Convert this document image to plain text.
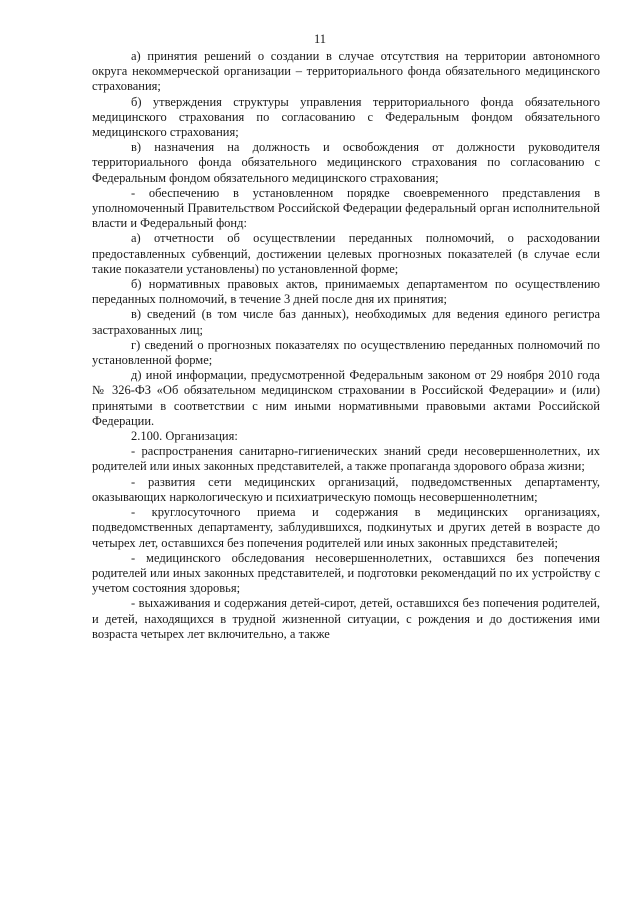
11

а) принятия решений о создании в случае отсутствия на территории автономного округа некоммерческой организации – территориального фонда обязательного медицинского страхования;

б) утверждения структуры управления территориального фонда обязательного медицинского страхования по согласованию с Федеральным фондом обязательного медицинского страхования;

в) назначения на должность и освобождения от должности руководителя территориального фонда обязательного медицинского страхования по согласованию с Федеральным фондом обязательного медицинского страхования;

- обеспечению в установленном порядке своевременного представления в уполномоченный Правительством Российской Федерации федеральный орган исполнительной власти и Федеральный фонд:

а) отчетности об осуществлении переданных полномочий, о расходовании предоставленных субвенций, достижении целевых прогнозных показателей (в случае если такие показатели установлены) по установленной форме;

б) нормативных правовых актов, принимаемых департаментом по осуществлению переданных полномочий, в течение 3 дней после дня их принятия;

в) сведений (в том числе баз данных), необходимых для ведения единого регистра застрахованных лиц;

г) сведений о прогнозных показателях по осуществлению переданных полномочий по установленной форме;

д) иной информации, предусмотренной Федеральным законом от 29 ноября 2010 года № 326-ФЗ «Об обязательном медицинском страховании в Российской Федерации» и (или) принятыми в соответствии с ним иными нормативными правовыми актами Российской Федерации.

2.100. Организация:

- распространения санитарно-гигиенических знаний среди несовершеннолетних, их родителей или иных законных представителей, а также пропаганда здорового образа жизни;

- развития сети медицинских организаций, подведомственных департаменту, оказывающих наркологическую и психиатрическую помощь несовершеннолетним;

- круглосуточного приема и содержания в медицинских организациях, подведомственных департаменту, заблудившихся, подкинутых и других детей в возрасте до четырех лет, оставшихся без попечения родителей или иных законных представителей;

- медицинского обследования несовершеннолетних, оставшихся без попечения родителей или иных законных представителей, и подготовки рекомендаций по их устройству с учетом состояния здоровья;

- выхаживания и содержания детей-сирот, детей, оставшихся без попечения родителей, и детей, находящихся в трудной жизненной ситуации, с рождения и до достижения ими возраста четырех лет включительно, а также
